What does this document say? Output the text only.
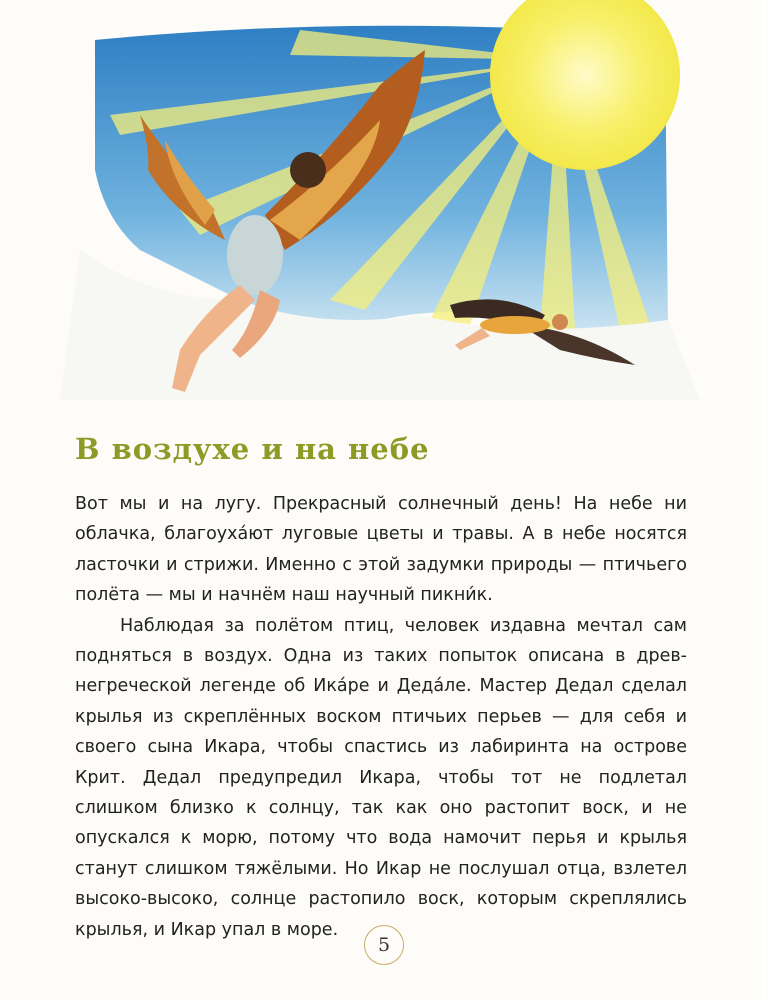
В воздухе и на небе

Вот мы и на лугу. Прекрасный солнечный день! На небе ни облачка, благоуха́ют луговые цветы и травы. А в небе носятся ласточки и стрижи. Именно с этой задумки природы — птичьего полёта — мы и начнём наш научный пикни́к.

Наблюдая за полётом птиц, человек издавна мечтал сам подняться в воздух. Одна из таких попыток описана в древнегреческой легенде об Ика́ре и Деда́ле. Мастер Дедал сделал крылья из скреплённых воском птичьих перьев — для себя и своего сына Икара, чтобы спастись из лабиринта на острове Крит. Дедал предупредил Икара, чтобы тот не подлетал слишком близко к солнцу, так как оно растопит воск, и не опускался к морю, потому что вода намочит перья и крылья станут слишком тяжёлыми. Но Икар не послушал отца, взлетел высоко-высоко, солнце растопило воск, которым скреплялись крылья, и Икар упал в море.

5
